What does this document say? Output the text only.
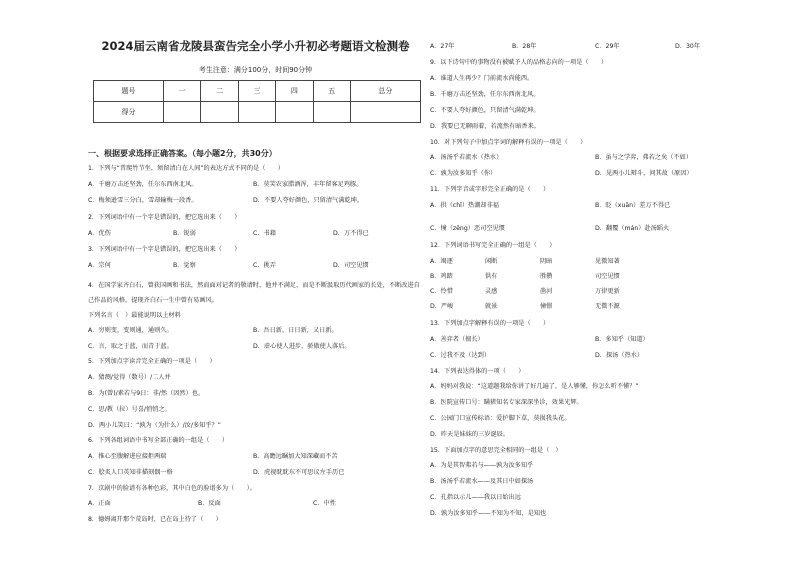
2024届云南省龙陵县蛮告完全小学小升初必考题语文检测卷
考生注意：满分100分，时间90分钟
题号	一	二	三	四	五	总分
得分						
一、根据要求选择正确答案。（每小题2分，共30分）
1．下列与“昔爬竹节坐，须留清白在人间”的表达方式不同的是（　　）
A．千磨万击还坚劲，任尔东西南北风。	B．莫笑农家腊酒浑，丰年留客足鸡豚。
C．梅须逊雪三分白，雪却输梅一段香。	D．不要人夸好颜色，只留清气满乾坤。
2．下列词语中有一个字是错误的，把它选出来（　　）
A．优伤	B．锐弱	C．书籍	D．万不得已
3．下列词语中有一个字是错误的，把它选出来（　　）
A．宗何	B．觉察	C．挑弄	D．司空见惯
4．在国学家齐白石，曾获国画和书法，然而面对记者的敬请时，他并不满足，而是不断汲取历代画家的长处，不断改进自己作品的风格。提现齐白石一生中曾有易画风。
下列名言（　）最能说明以上材料
A．穷则变，变则通，通则久。	B．吾日新，日日新，又日新。
C．言，取之于蓝，而青于蓝。	D．虚心使人进步，骄傲使人落后。
5．下列加点字读音完全正确的一项是（　　）
A．猜测/觉得（数号）/二人并
B．为(曾)/素若与9日：非/然（因然）也。
C．思/教（拉）号喜/悄悄之。
D．两小儿笑曰：“孰为（为什么）/汝/多知乎？”
6．下列各组词语中书写全部正确的一组是（　　）
A．推心至腹解进应接拒两瑞	B．高瞻远瞩加大知深藏而不苦
C．脍炙人口英知非描刻偶一格	D．虎视眈眈东不可思议左手历已
7．京剧中的脸谱有各种色彩，其中白色的脸谱多为（　　）。
A．正面	B．反面	C．中性
8．德姆离开那个荒岛时，已在岛上待了（　　）
A．27年	B．28年	C．29年	D．30年
9．以下诗句中的事物没有被赋予人的品格志向的一项是（　　）
A．谁道人生再少？门前流水尚能西。
B．千磨万击还坚劲，任尔东西南北风。
C．不要人夸好颜色，只留清气满乾坤。
D．我要已无聊雨着，若流然有暗香来。
10．对下列句子中加点字词的解释有误的一项是（　　）
A．汤汤乎若流水（热水）	B．虽与之学弈，弗若之矣（不如）
C．孰为汝多知乎（你）	D．见两小儿辩斗，问其故（原因）
11．下列字音或字形完全正确的是（　　）
A．拱（chǐ）热潮却非福	B．眨（xuān）差万不得已
C．憧（zēng）恶司空见惯	D．翻覆（mán）赴汤蹈火
12．下列词语书写完全正确的一组是（　　）
A．竭逐	闲断	阴暗	见微知著
B．鸡踏	供有	胜攒	司空见惯
C．怜惜	灵感	凿河	万律更新
D．严峻	就景	憧憬	无微不源
13．下列加点字解释有误的一项是（　　）
A．善弈者（擅长）	B．多知乎（知道）
C．过我不及（达到）	D．探汤（热水）
14．下列表达得体的一项（　　）
A．妈妈对我说：“这道题我给你讲了好几遍了，是人够懂，你怎么听不懂？”
B．医院宣传口号：瞒猪知名专家深深坐诊，效果光辉。
C．公园门口宣传标语：爱护脚下草，莫损我头花。
D．昨天是妹妹的三岁诞辰。
15．下面加点字的意思完全相同的一组是（　）
A．为是其智弗若与——孰为汝多知乎
B．汤汤乎若流水——及其日中如探汤
C．孔指以示儿——我以日始出远
D．孰为汝多知乎——不知为不知，是知也
